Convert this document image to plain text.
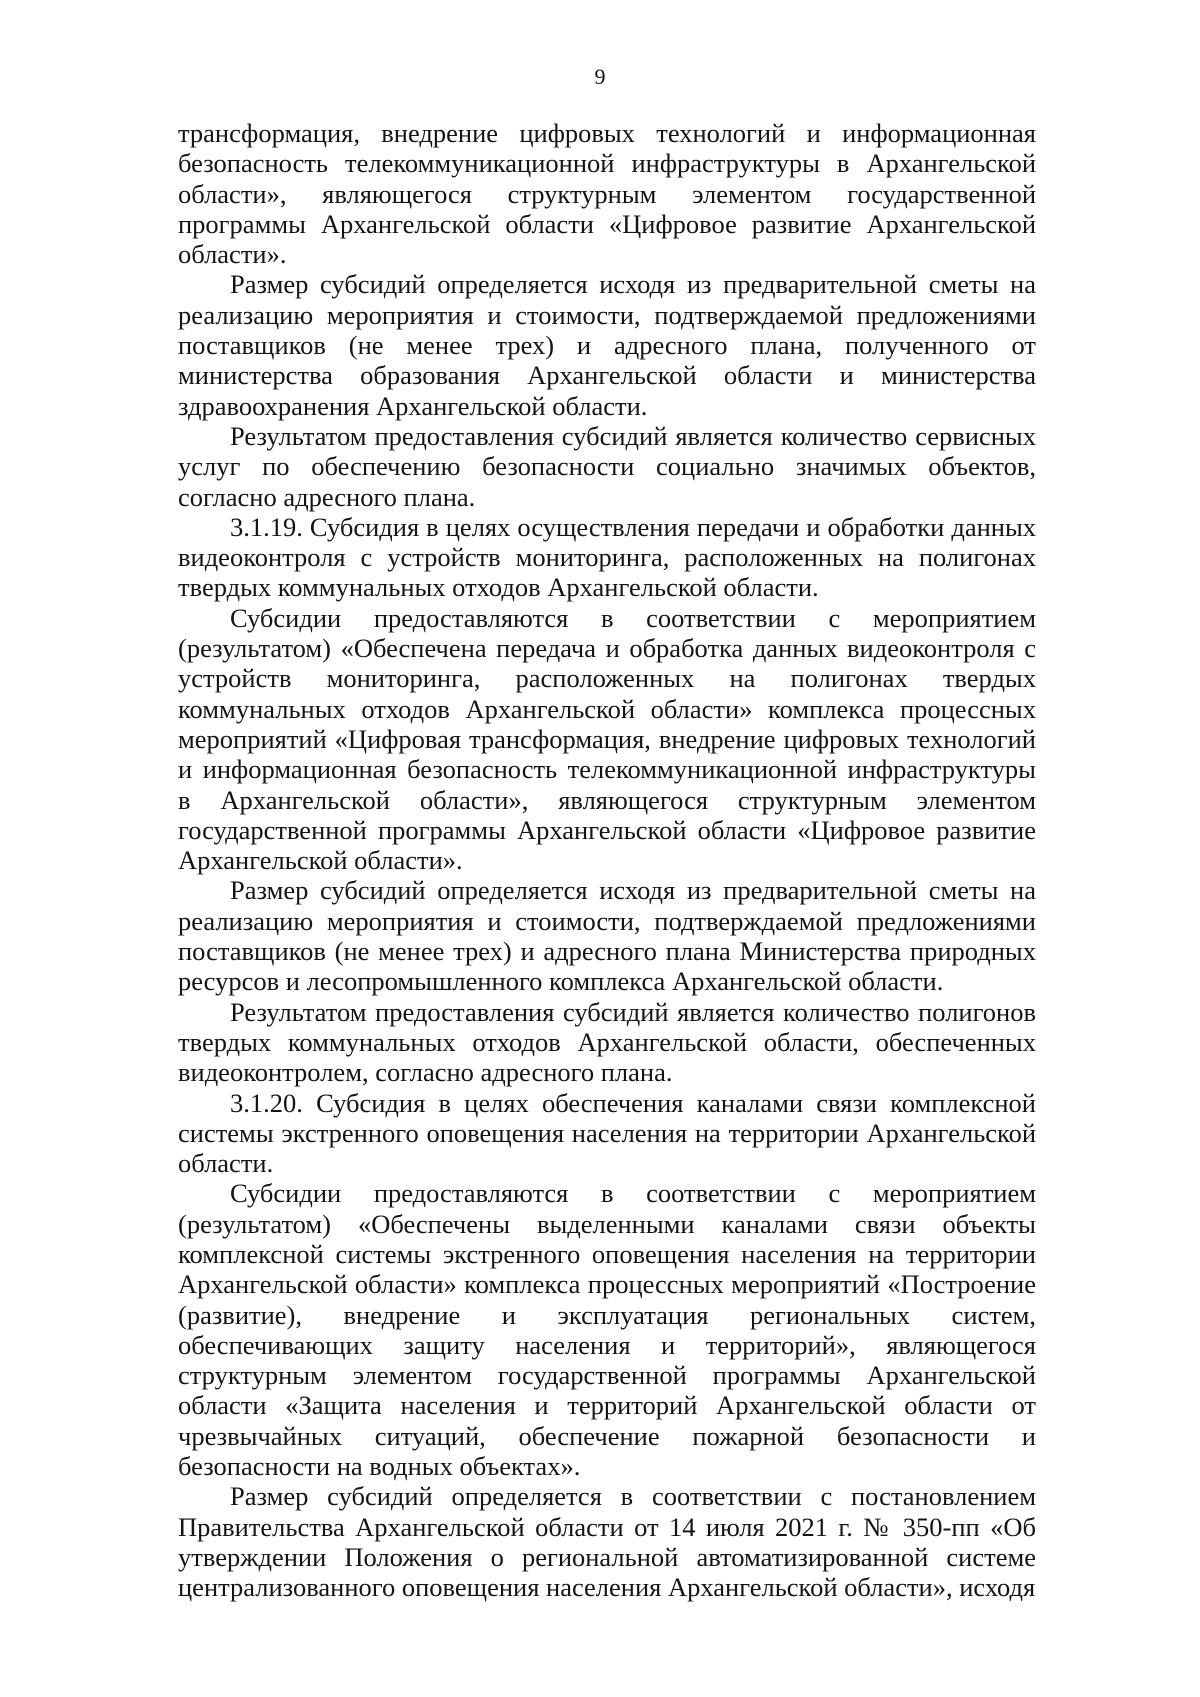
9

трансформация, внедрение цифровых технологий и информационная безопасность телекоммуникационной инфраструктуры в Архангельской области», являющегося структурным элементом государственной программы Архангельской области «Цифровое развитие Архангельской области».

Размер субсидий определяется исходя из предварительной сметы на реализацию мероприятия и стоимости, подтверждаемой предложениями поставщиков (не менее трех) и адресного плана, полученного от министерства образования Архангельской области и министерства здравоохранения Архангельской области.

Результатом предоставления субсидий является количество сервисных услуг по обеспечению безопасности социально значимых объектов, согласно адресного плана.

3.1.19. Субсидия в целях осуществления передачи и обработки данных видеоконтроля с устройств мониторинга, расположенных на полигонах твердых коммунальных отходов Архангельской области.

Субсидии предоставляются в соответствии с мероприятием (результатом) «Обеспечена передача и обработка данных видеоконтроля с устройств мониторинга, расположенных на полигонах твердых коммунальных отходов Архангельской области» комплекса процессных мероприятий «Цифровая трансформация, внедрение цифровых технологий и информационная безопасность телекоммуникационной инфраструктуры в Архангельской области», являющегося структурным элементом государственной программы Архангельской области «Цифровое развитие Архангельской области».

Размер субсидий определяется исходя из предварительной сметы на реализацию мероприятия и стоимости, подтверждаемой предложениями поставщиков (не менее трех) и адресного плана Министерства природных ресурсов и лесопромышленного комплекса Архангельской области.

Результатом предоставления субсидий является количество полигонов твердых коммунальных отходов Архангельской области, обеспеченных видеоконтролем, согласно адресного плана.

3.1.20. Субсидия в целях обеспечения каналами связи комплексной системы экстренного оповещения населения на территории Архангельской области.

Субсидии предоставляются в соответствии с мероприятием (результатом) «Обеспечены выделенными каналами связи объекты комплексной системы экстренного оповещения населения на территории Архангельской области» комплекса процессных мероприятий «Построение (развитие), внедрение и эксплуатация региональных систем, обеспечивающих защиту населения и территорий», являющегося структурным элементом государственной программы Архангельской области «Защита населения и территорий Архангельской области от чрезвычайных ситуаций, обеспечение пожарной безопасности и безопасности на водных объектах».

Размер субсидий определяется в соответствии с постановлением Правительства Архангельской области от 14 июля 2021 г. № 350-пп «Об утверждении Положения о региональной автоматизированной системе централизованного оповещения населения Архангельской области», исходя
